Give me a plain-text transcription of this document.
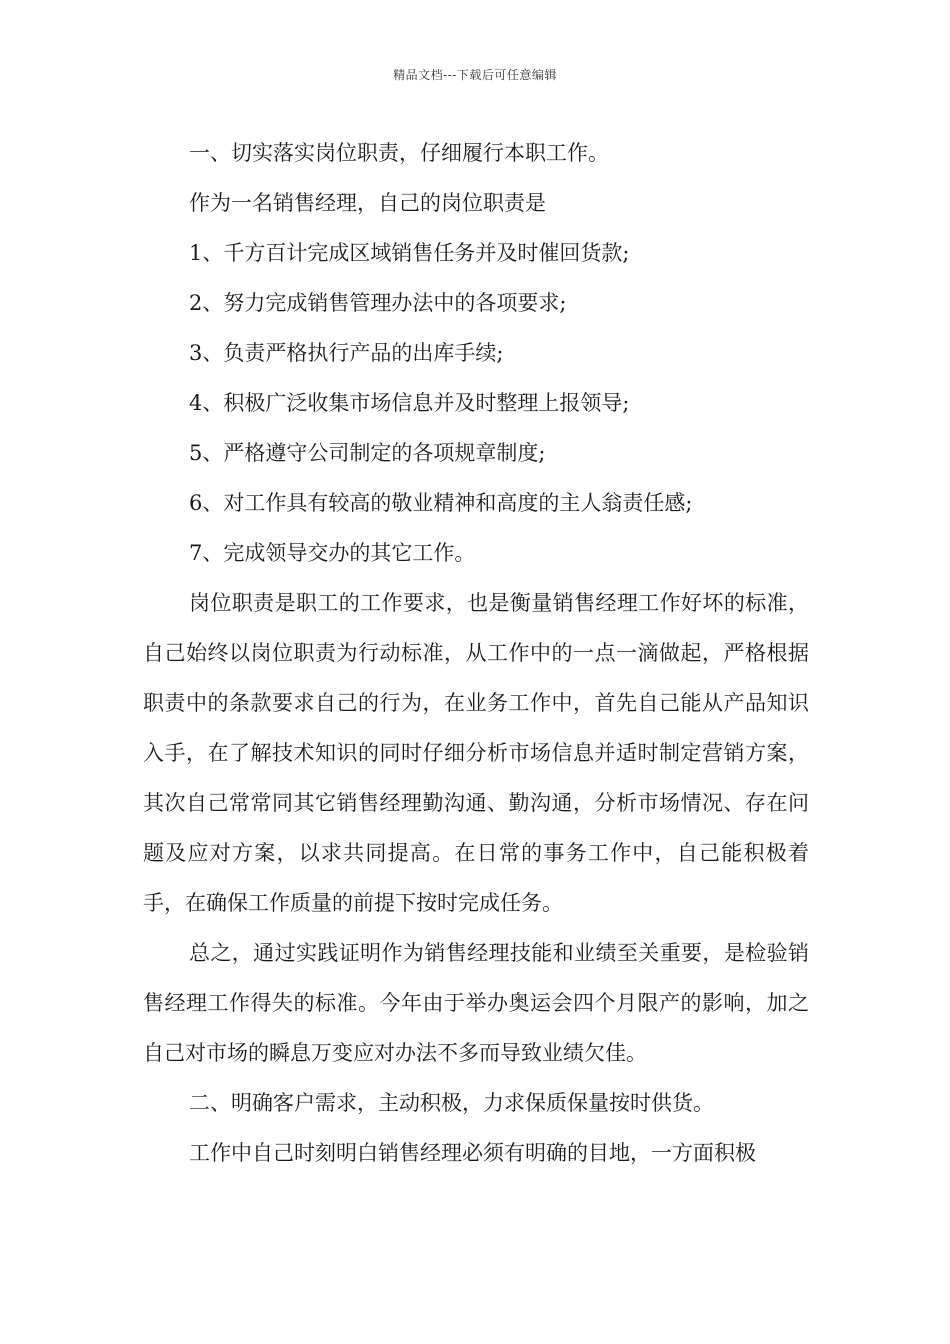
精品文档---下载后可任意编辑
一、切实落实岗位职责，仔细履行本职工作。
作为一名销售经理，自己的岗位职责是
1、千方百计完成区域销售任务并及时催回货款;
2、努力完成销售管理办法中的各项要求;
3、负责严格执行产品的出库手续;
4、积极广泛收集市场信息并及时整理上报领导;
5、严格遵守公司制定的各项规章制度;
6、对工作具有较高的敬业精神和高度的主人翁责任感;
7、完成领导交办的其它工作。
岗位职责是职工的工作要求，也是衡量销售经理工作好坏的标准，自己始终以岗位职责为行动标准，从工作中的一点一滴做起，严格根据职责中的条款要求自己的行为，在业务工作中，首先自己能从产品知识入手，在了解技术知识的同时仔细分析市场信息并适时制定营销方案，其次自己常常同其它销售经理勤沟通、勤沟通，分析市场情况、存在问题及应对方案，以求共同提高。在日常的事务工作中，自己能积极着手，在确保工作质量的前提下按时完成任务。
总之，通过实践证明作为销售经理技能和业绩至关重要，是检验销售经理工作得失的标准。今年由于举办奥运会四个月限产的影响，加之自己对市场的瞬息万变应对办法不多而导致业绩欠佳。
二、明确客户需求，主动积极，力求保质保量按时供货。
工作中自己时刻明白销售经理必须有明确的目地，一方面积极
